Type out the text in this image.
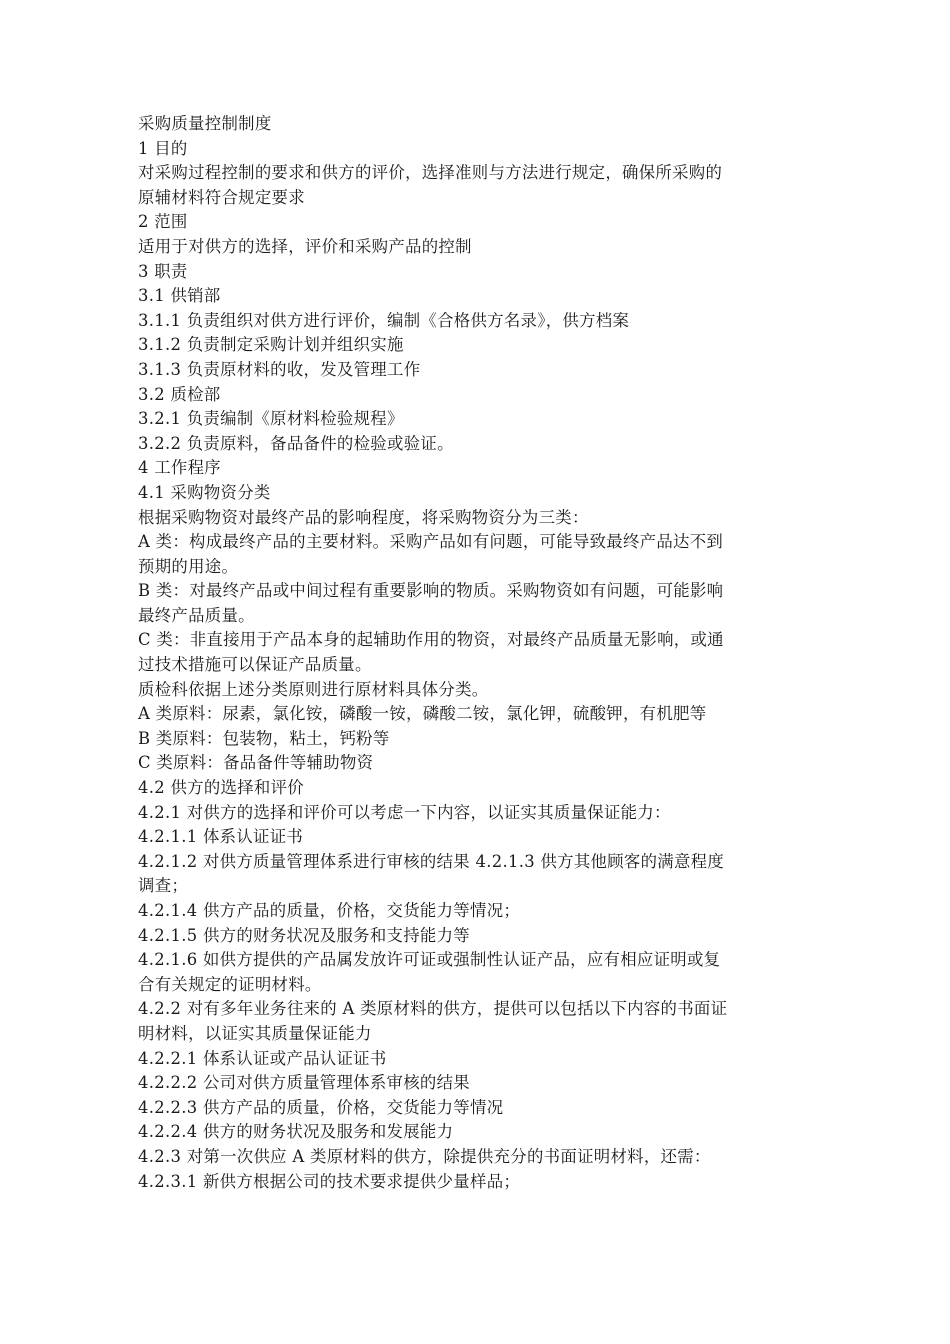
采购质量控制制度
1 目的
对采购过程控制的要求和供方的评价，选择准则与方法进行规定，确保所采购的
原辅材料符合规定要求
2 范围
适用于对供方的选择，评价和采购产品的控制
3 职责
3.1 供销部
3.1.1 负责组织对供方进行评价，编制《合格供方名录》，供方档案
3.1.2 负责制定采购计划并组织实施
3.1.3 负责原材料的收，发及管理工作
3.2 质检部
3.2.1 负责编制《原材料检验规程》
3.2.2 负责原料，备品备件的检验或验证。
4 工作程序
4.1 采购物资分类
根据采购物资对最终产品的影响程度，将采购物资分为三类：
A 类：构成最终产品的主要材料。采购产品如有问题，可能导致最终产品达不到
预期的用途。
B 类：对最终产品或中间过程有重要影响的物质。采购物资如有问题，可能影响
最终产品质量。
C 类：非直接用于产品本身的起辅助作用的物资，对最终产品质量无影响，或通
过技术措施可以保证产品质量。
质检科依据上述分类原则进行原材料具体分类。
A 类原料：尿素，氯化铵，磷酸一铵，磷酸二铵，氯化钾，硫酸钾，有机肥等
B 类原料：包装物，粘土，钙粉等
C 类原料：备品备件等辅助物资
4.2 供方的选择和评价
4.2.1 对供方的选择和评价可以考虑一下内容，以证实其质量保证能力：
4.2.1.1 体系认证证书
4.2.1.2 对供方质量管理体系进行审核的结果 4.2.1.3 供方其他顾客的满意程度
调查；
4.2.1.4 供方产品的质量，价格，交货能力等情况；
4.2.1.5 供方的财务状况及服务和支持能力等
4.2.1.6 如供方提供的产品属发放许可证或强制性认证产品，应有相应证明或复
合有关规定的证明材料。
4.2.2 对有多年业务往来的 A 类原材料的供方，提供可以包括以下内容的书面证
明材料，以证实其质量保证能力
4.2.2.1 体系认证或产品认证证书
4.2.2.2 公司对供方质量管理体系审核的结果
4.2.2.3 供方产品的质量，价格，交货能力等情况
4.2.2.4 供方的财务状况及服务和发展能力
4.2.3 对第一次供应 A 类原材料的供方，除提供充分的书面证明材料，还需：
4.2.3.1 新供方根据公司的技术要求提供少量样品；
